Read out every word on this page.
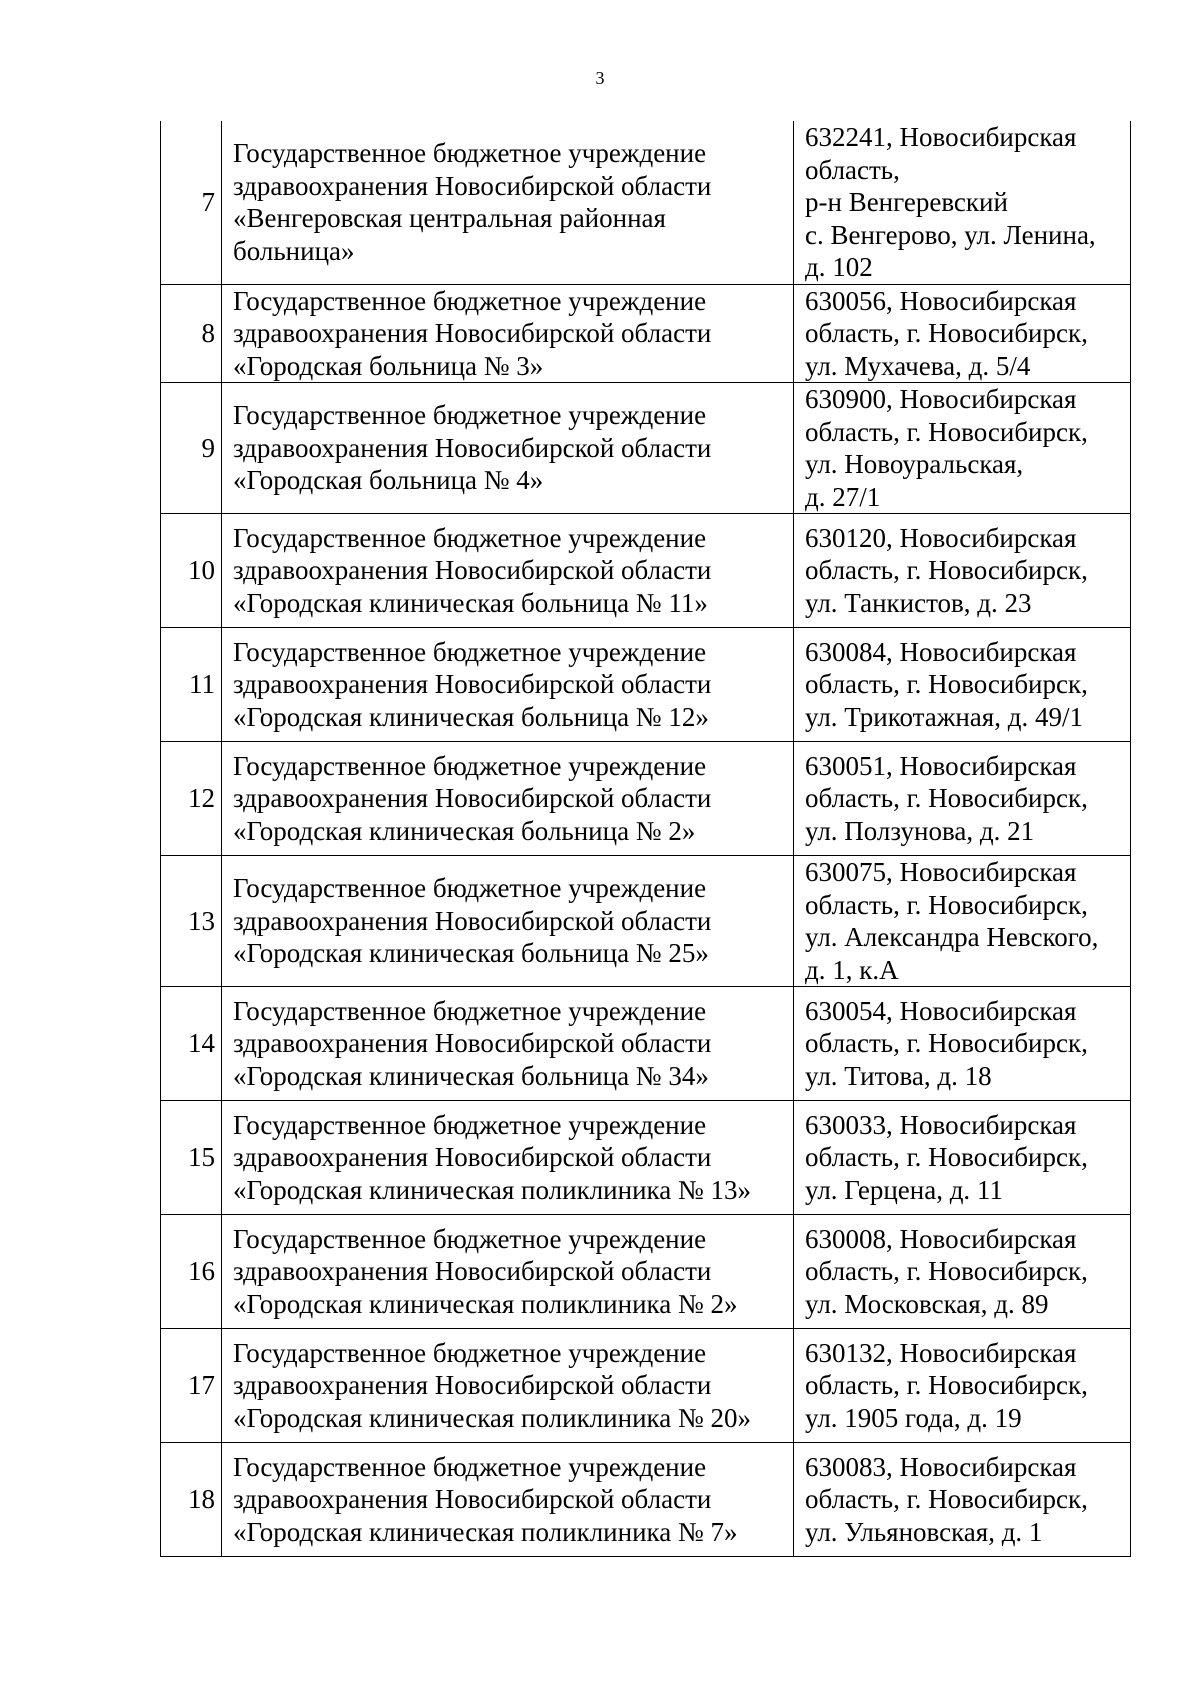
3
7	Государственное бюджетное учреждение
здравоохранения Новосибирской области
«Венгеровская центральная районная
больница»	632241, Новосибирская
область,
р-н Венгеревский
с. Венгерово, ул. Ленина,
д. 102

8	Государственное бюджетное учреждение
здравоохранения Новосибирской области
«Городская больница № 3»	630056, Новосибирская
область, г. Новосибирск,
ул. Мухачева, д. 5/4

9	Государственное бюджетное учреждение
здравоохранения Новосибирской области
«Городская больница № 4»	630900, Новосибирская
область, г. Новосибирск,
ул. Новоуральская,
д. 27/1

10	Государственное бюджетное учреждение
здравоохранения Новосибирской области
«Городская клиническая больница № 11»	630120, Новосибирская
область, г. Новосибирск,
ул. Танкистов, д. 23

11	Государственное бюджетное учреждение
здравоохранения Новосибирской области
«Городская клиническая больница № 12»	630084, Новосибирская
область, г. Новосибирск,
ул. Трикотажная, д. 49/1

12	Государственное бюджетное учреждение
здравоохранения Новосибирской области
«Городская клиническая больница № 2»	630051, Новосибирская
область, г. Новосибирск,
ул. Ползунова, д. 21

13	Государственное бюджетное учреждение
здравоохранения Новосибирской области
«Городская клиническая больница № 25»	630075, Новосибирская
область, г. Новосибирск,
ул. Александра Невского,
д. 1, к.А

14	Государственное бюджетное учреждение
здравоохранения Новосибирской области
«Городская клиническая больница № 34»	630054, Новосибирская
область, г. Новосибирск,
ул. Титова, д. 18

15	Государственное бюджетное учреждение
здравоохранения Новосибирской области
«Городская клиническая поликлиника № 13»	630033, Новосибирская
область, г. Новосибирск,
ул. Герцена, д. 11

16	Государственное бюджетное учреждение
здравоохранения Новосибирской области
«Городская клиническая поликлиника № 2»	630008, Новосибирская
область, г. Новосибирск,
ул. Московская, д. 89

17	Государственное бюджетное учреждение
здравоохранения Новосибирской области
«Городская клиническая поликлиника № 20»	630132, Новосибирская
область, г. Новосибирск,
ул. 1905 года, д. 19

18	Государственное бюджетное учреждение
здравоохранения Новосибирской области
«Городская клиническая поликлиника № 7»	630083, Новосибирская
область, г. Новосибирск,
ул. Ульяновская, д. 1
